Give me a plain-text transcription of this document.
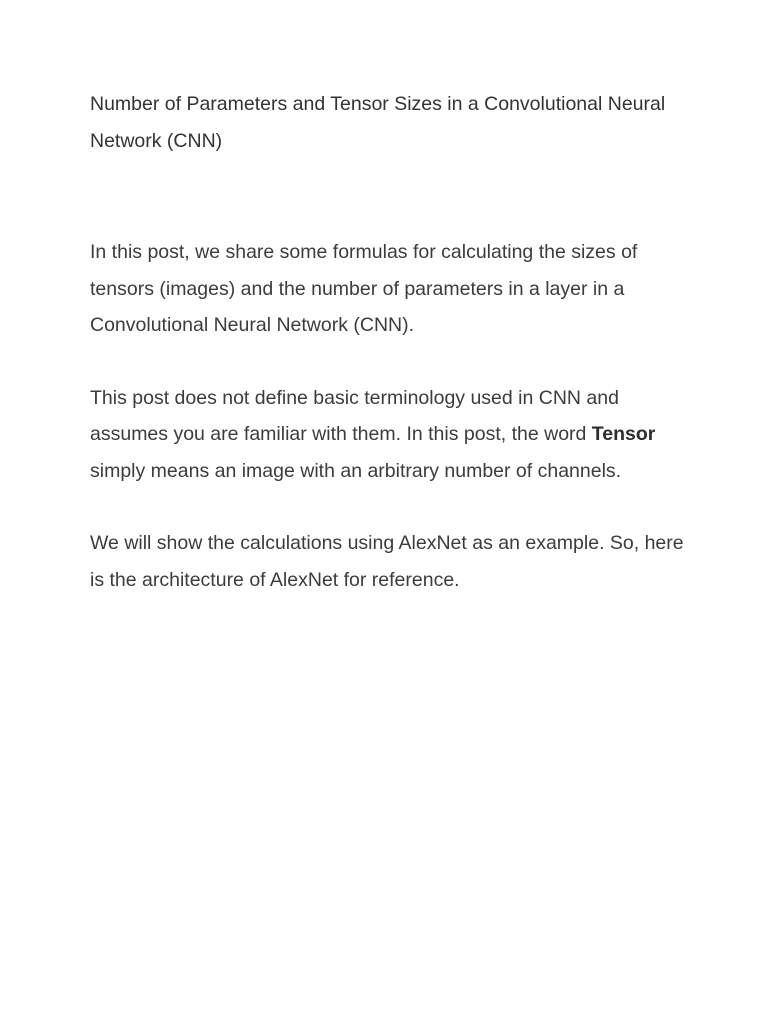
Number of Parameters and Tensor Sizes in a Convolutional Neural Network (CNN)

In this post, we share some formulas for calculating the sizes of tensors (images) and the number of parameters in a layer in a Convolutional Neural Network (CNN).

This post does not define basic terminology used in CNN and assumes you are familiar with them. In this post, the word Tensor simply means an image with an arbitrary number of channels.

We will show the calculations using AlexNet as an example. So, here is the architecture of AlexNet for reference.
